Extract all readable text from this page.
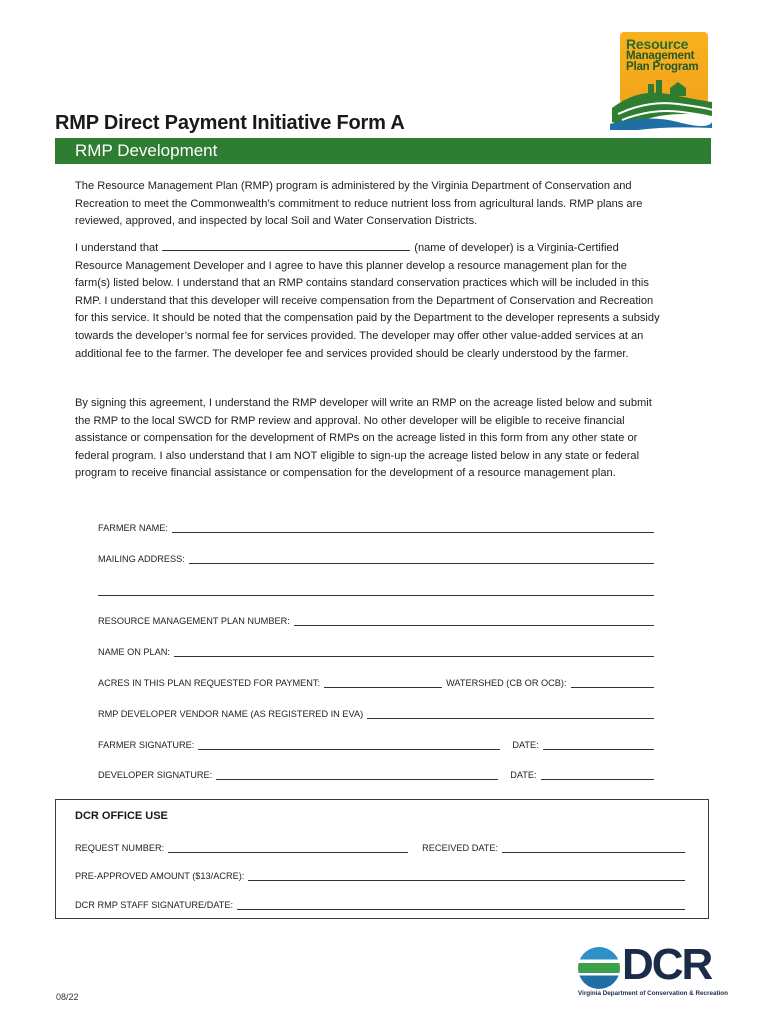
Resource
Management
Plan Program
RMP Direct Payment Initiative Form A
RMP Development
The Resource Management Plan (RMP) program is administered by the Virginia Department of Conservation and Recreation to meet the Commonwealth’s commitment to reduce nutrient loss from agricultural lands. RMP plans are reviewed, approved, and inspected by local Soil and Water Conservation Districts.
I understand that	(name of developer) is a Virginia-Certified Resource Management Developer and I agree to have this planner develop a resource management plan for the farm(s) listed below. I understand that an RMP contains standard conservation practices which will be included in this RMP. I understand that this developer will receive compensation from the Department of Conservation and Recreation for this service. It should be noted that the compensation paid by the Department to the developer represents a subsidy towards the developer’s normal fee for services provided. The developer may offer other value-added services at an additional fee to the farmer. The developer fee and services provided should be clearly understood by the farmer.
By signing this agreement, I understand the RMP developer will write an RMP on the acreage listed below and submit the RMP to the local SWCD for RMP review and approval. No other developer will be eligible to receive financial assistance or compensation for the development of RMPs on the acreage listed in this form from any other state or federal program. I also understand that I am NOT eligible to sign-up the acreage listed below in any state or federal program to receive financial assistance or compensation for the development of a resource management plan.
FARMER NAME:
MAILING ADDRESS:
RESOURCE MANAGEMENT PLAN NUMBER:
NAME ON PLAN:
ACRES IN THIS PLAN REQUESTED FOR PAYMENT:	WATERSHED (CB OR OCB):
RMP DEVELOPER VENDOR NAME (AS REGISTERED IN EVA)
FARMER SIGNATURE:	DATE:
DEVELOPER SIGNATURE:	DATE:
DCR OFFICE USE
REQUEST NUMBER:	RECEIVED DATE:
PRE-APPROVED AMOUNT ($13/ACRE):
DCR RMP STAFF SIGNATURE/DATE:
08/22
DCR
Virginia Department of Conservation & Recreation
